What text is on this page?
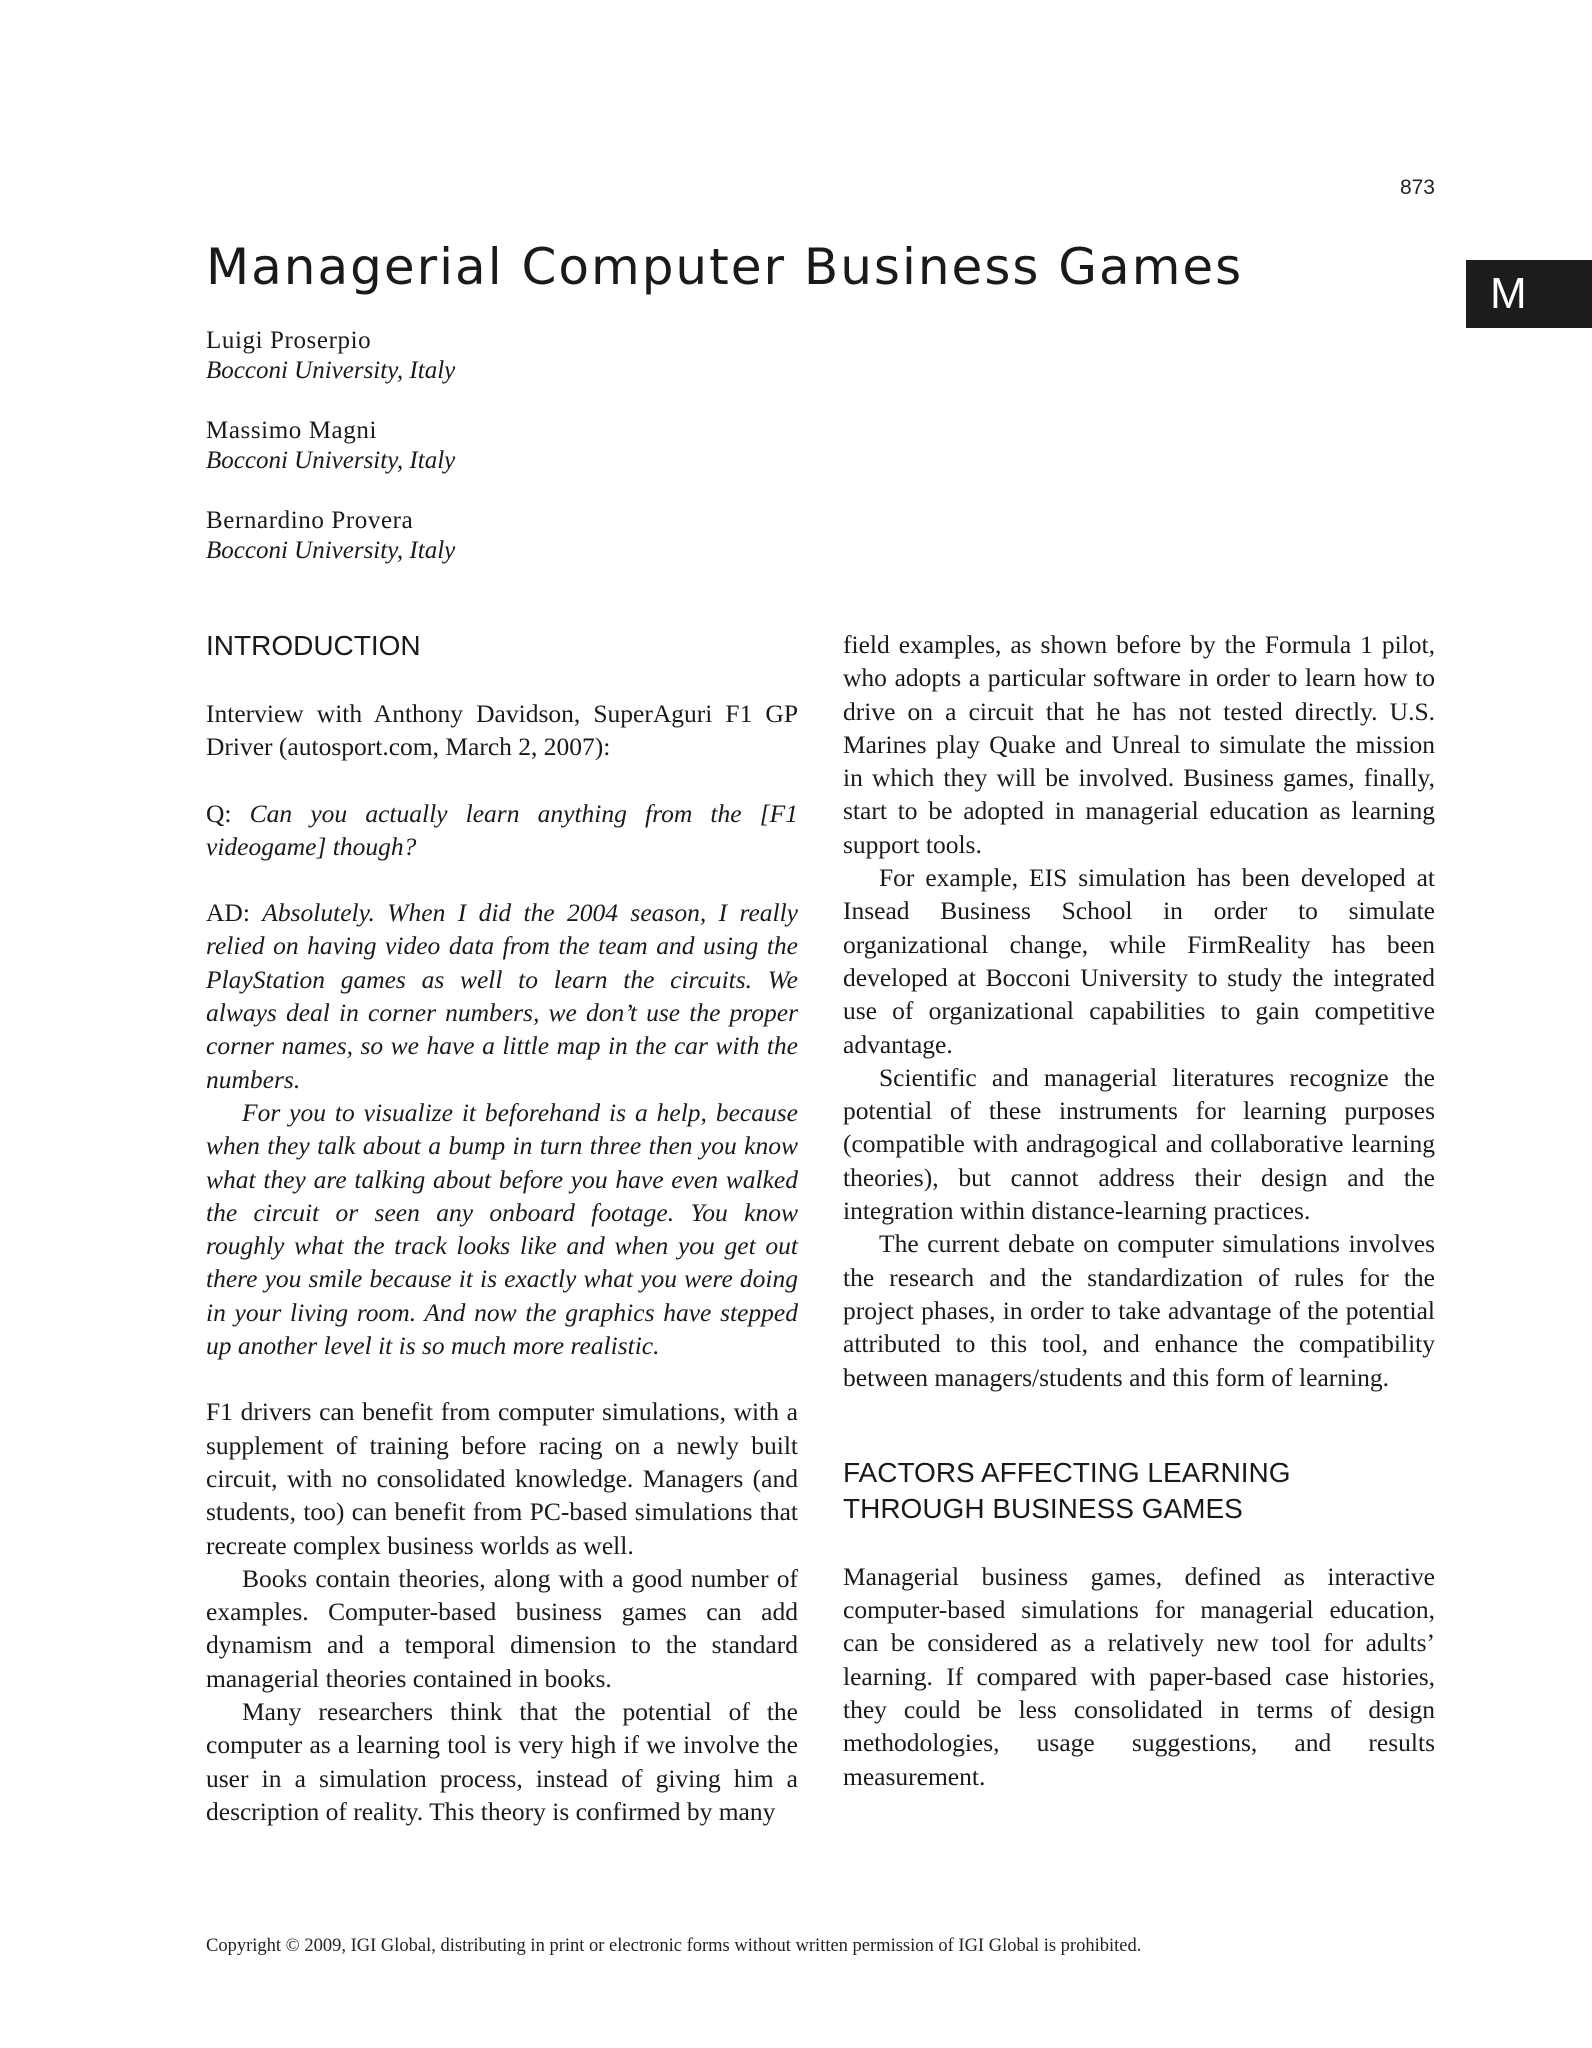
873
M
Managerial Computer Business Games
Luigi Proserpio
Bocconi University, Italy
Massimo Magni
Bocconi University, Italy
Bernardino Provera
Bocconi University, Italy
INTRODUCTION

Interview with Anthony Davidson, SuperAguri F1 GP Driver (autosport.com, March 2, 2007):

Q: Can you actually learn anything from the [F1 videogame] though?

AD: Absolutely. When I did the 2004 season, I really relied on having video data from the team and using the PlayStation games as well to learn the circuits. We always deal in corner numbers, we don’t use the proper corner names, so we have a little map in the car with the numbers.

For you to visualize it beforehand is a help, because when they talk about a bump in turn three then you know what they are talking about before you have even walked the circuit or seen any onboard footage. You know roughly what the track looks like and when you get out there you smile because it is exactly what you were doing in your living room. And now the graphics have stepped up another level it is so much more realistic.

F1 drivers can benefit from computer simulations, with a supplement of training before racing on a newly built circuit, with no consolidated knowledge. Managers (and students, too) can benefit from PC-based simulations that recreate complex business worlds as well.

Books contain theories, along with a good number of examples. Computer-based business games can add dynamism and a temporal dimension to the standard managerial theories contained in books.

Many researchers think that the potential of the computer as a learning tool is very high if we involve the user in a simulation process, instead of giving him a description of reality. This theory is confirmed by many

field examples, as shown before by the Formula 1 pilot, who adopts a particular software in order to learn how to drive on a circuit that he has not tested directly. U.S. Marines play Quake and Unreal to simulate the mission in which they will be involved. Business games, finally, start to be adopted in managerial education as learning support tools.

For example, EIS simulation has been developed at Insead Business School in order to simulate organizational change, while FirmReality has been developed at Bocconi University to study the integrated use of organizational capabilities to gain competitive advantage.

Scientific and managerial literatures recognize the potential of these instruments for learning purposes (compatible with andragogical and collaborative learning theories), but cannot address their design and the integration within distance-learning practices.

The current debate on computer simulations involves the research and the standardization of rules for the project phases, in order to take advantage of the potential attributed to this tool, and enhance the compatibility between managers/students and this form of learning.

FACTORS AFFECTING LEARNING THROUGH BUSINESS GAMES

Managerial business games, defined as interactive computer-based simulations for managerial education, can be considered as a relatively new tool for adults’ learning. If compared with paper-based case histories, they could be less consolidated in terms of design methodologies, usage suggestions, and results measurement.

Copyright © 2009, IGI Global, distributing in print or electronic forms without written permission of IGI Global is prohibited.
